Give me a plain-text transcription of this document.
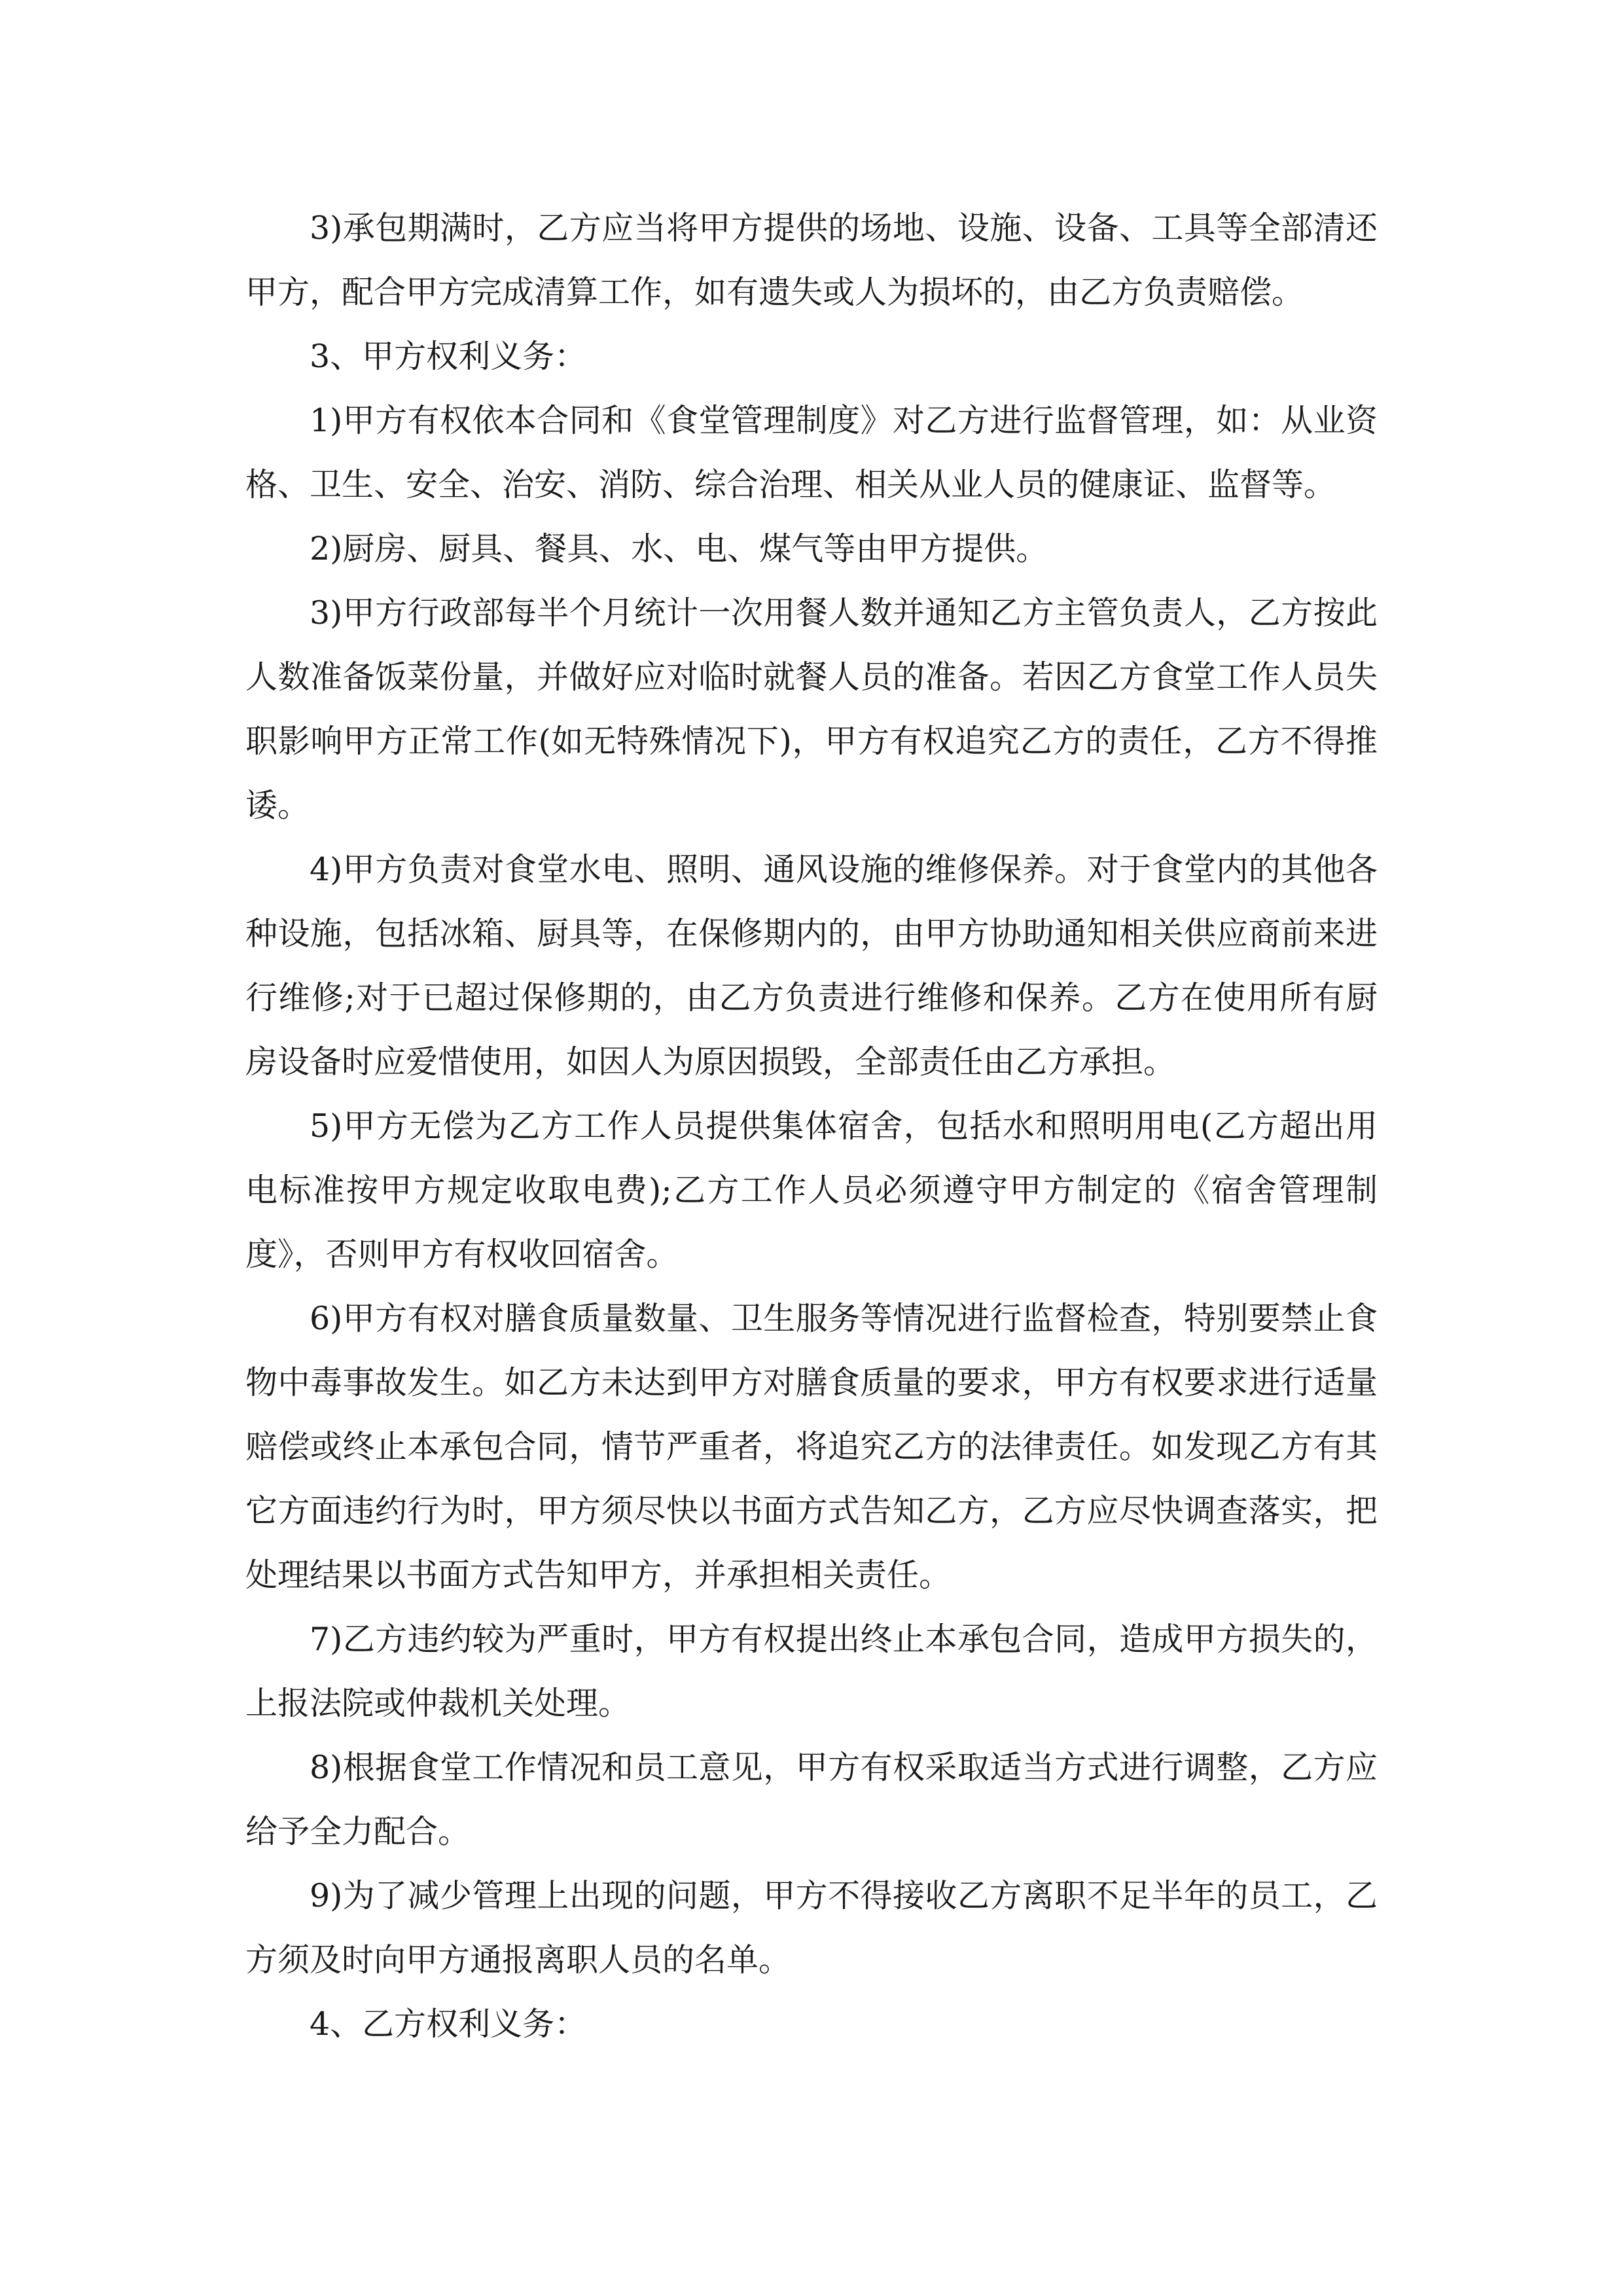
3)承包期满时，乙方应当将甲方提供的场地、设施、设备、工具等全部清还甲方，配合甲方完成清算工作，如有遗失或人为损坏的，由乙方负责赔偿。

3、甲方权利义务：

1)甲方有权依本合同和《食堂管理制度》对乙方进行监督管理，如：从业资格、卫生、安全、治安、消防、综合治理、相关从业人员的健康证、监督等。

2)厨房、厨具、餐具、水、电、煤气等由甲方提供。

3)甲方行政部每半个月统计一次用餐人数并通知乙方主管负责人，乙方按此人数准备饭菜份量，并做好应对临时就餐人员的准备。若因乙方食堂工作人员失职影响甲方正常工作(如无特殊情况下)，甲方有权追究乙方的责任，乙方不得推诿。

4)甲方负责对食堂水电、照明、通风设施的维修保养。对于食堂内的其他各种设施，包括冰箱、厨具等，在保修期内的，由甲方协助通知相关供应商前来进行维修;对于已超过保修期的，由乙方负责进行维修和保养。乙方在使用所有厨房设备时应爱惜使用，如因人为原因损毁，全部责任由乙方承担。

5)甲方无偿为乙方工作人员提供集体宿舍，包括水和照明用电(乙方超出用电标准按甲方规定收取电费);乙方工作人员必须遵守甲方制定的《宿舍管理制度》，否则甲方有权收回宿舍。

6)甲方有权对膳食质量数量、卫生服务等情况进行监督检查，特别要禁止食物中毒事故发生。如乙方未达到甲方对膳食质量的要求，甲方有权要求进行适量赔偿或终止本承包合同，情节严重者，将追究乙方的法律责任。如发现乙方有其它方面违约行为时，甲方须尽快以书面方式告知乙方，乙方应尽快调查落实，把处理结果以书面方式告知甲方，并承担相关责任。

7)乙方违约较为严重时，甲方有权提出终止本承包合同，造成甲方损失的，上报法院或仲裁机关处理。

8)根据食堂工作情况和员工意见，甲方有权采取适当方式进行调整，乙方应给予全力配合。

9)为了减少管理上出现的问题，甲方不得接收乙方离职不足半年的员工，乙方须及时向甲方通报离职人员的名单。

4、乙方权利义务：
